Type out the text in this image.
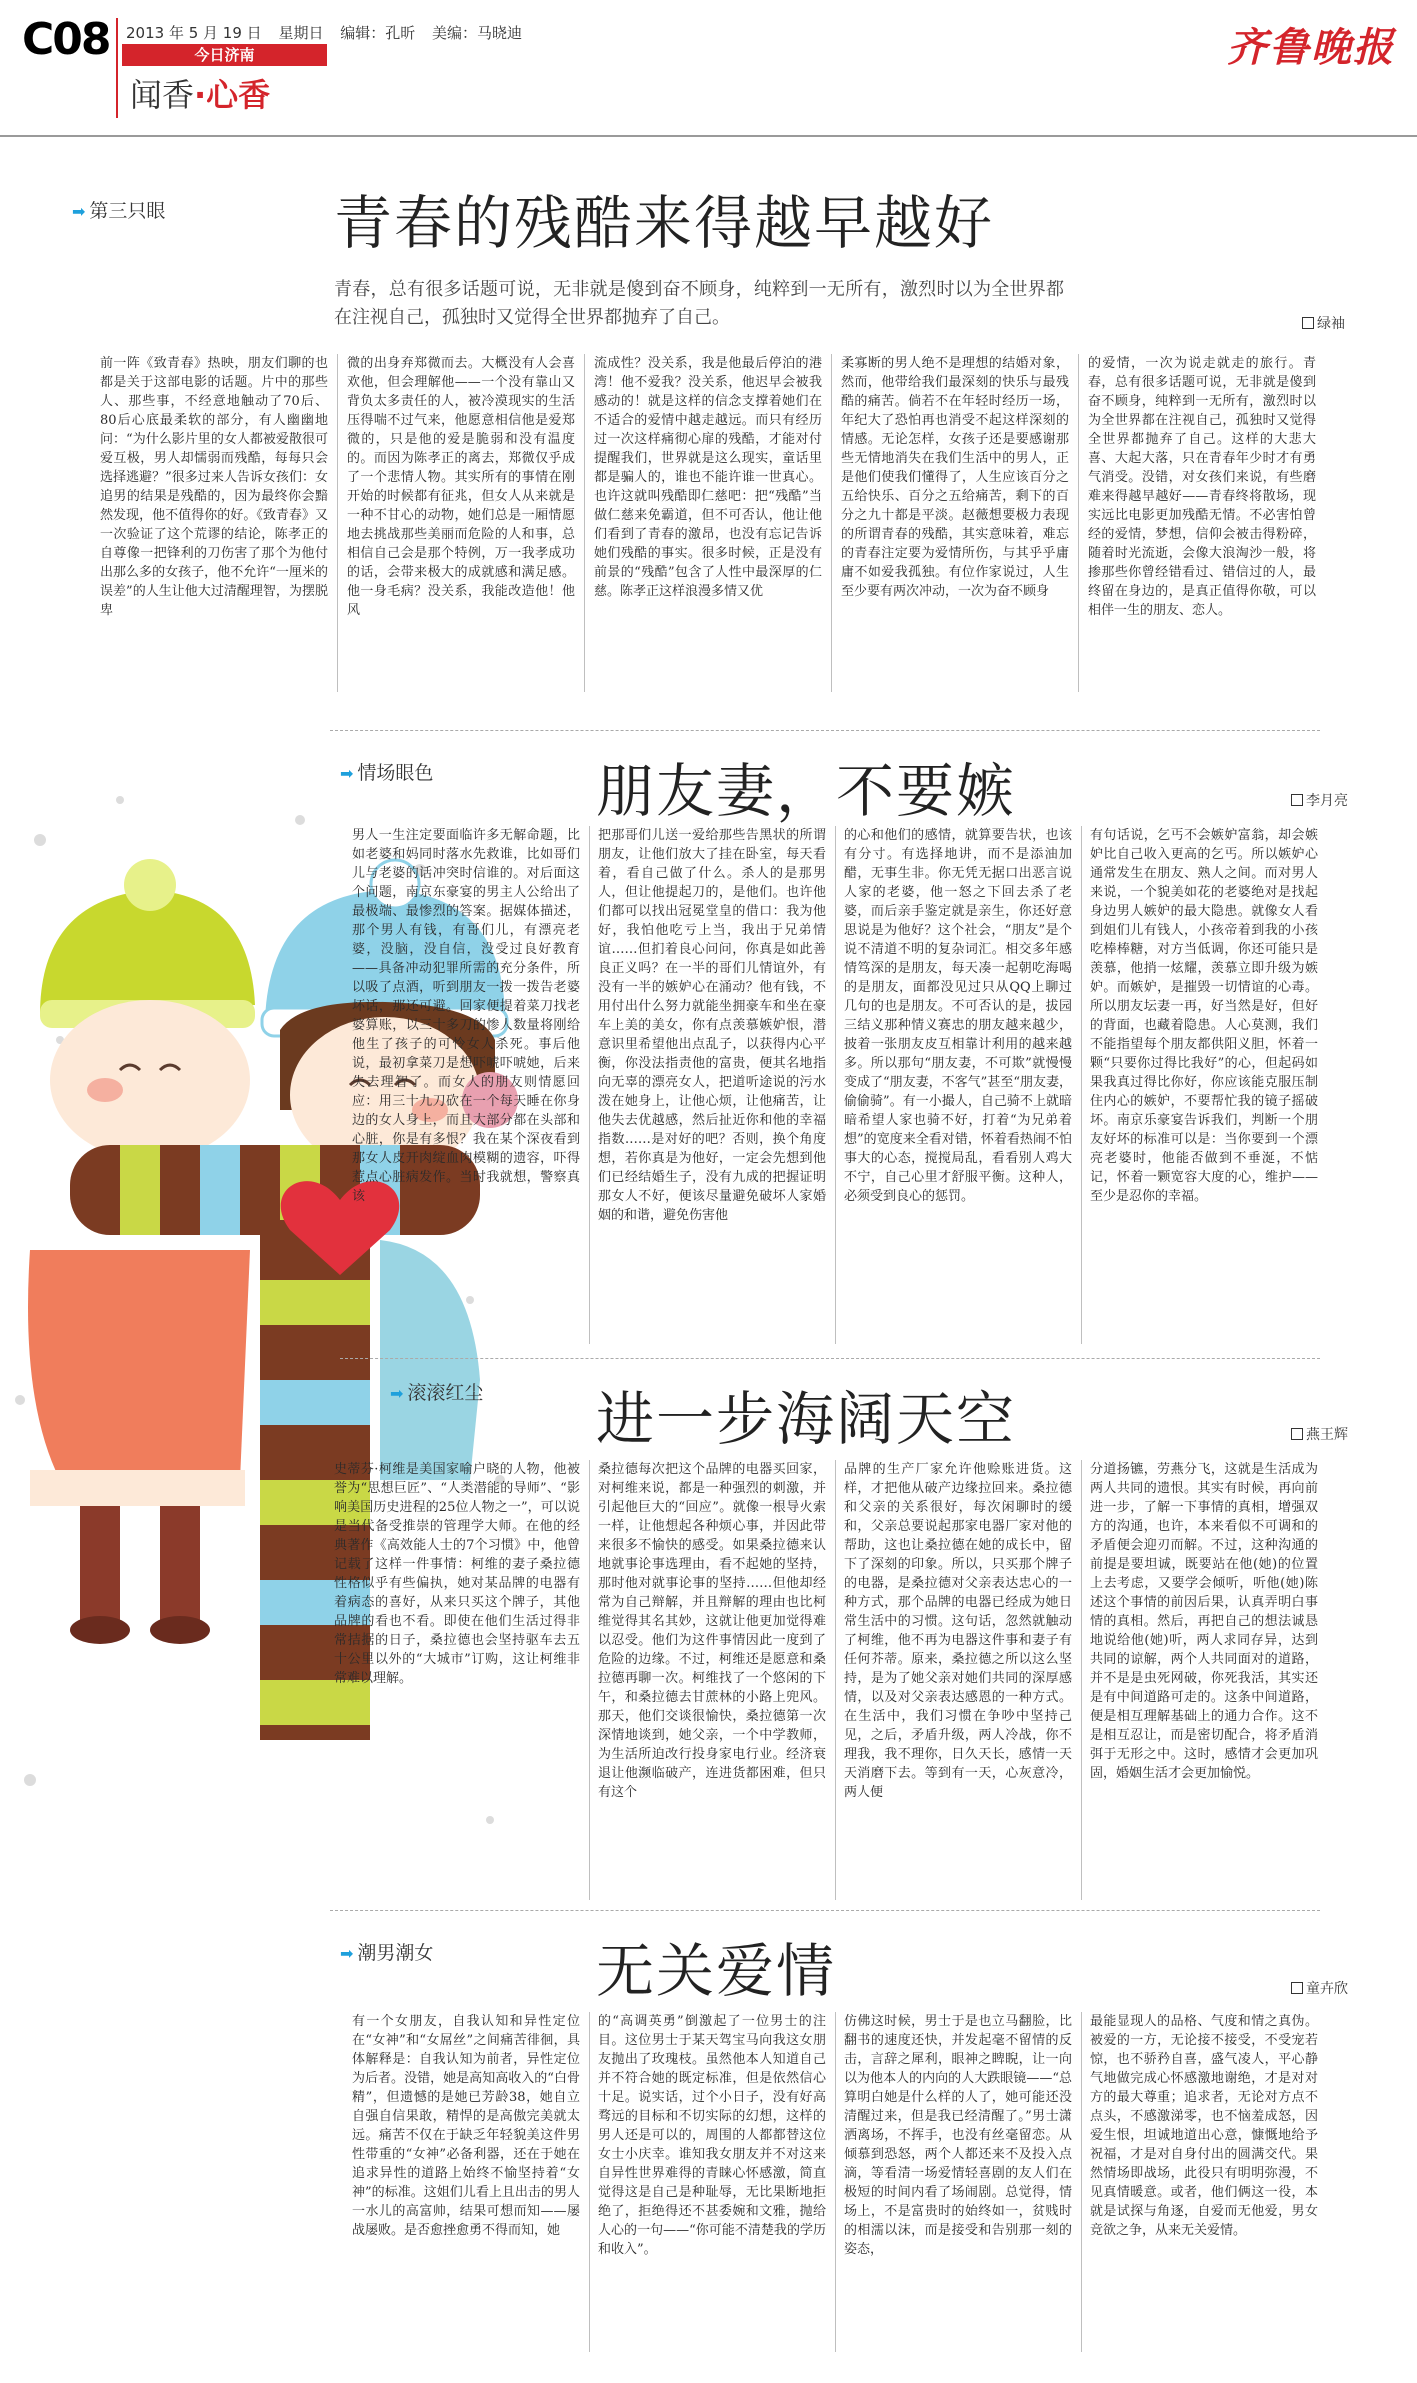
C08 2013 年 5 月 19 日 星期日 编辑：孔昕 美编：马晓迪
今日济南
闻香·心香
齐鲁晚报
➡ 第三只眼	青春的残酷来得越早越好
青春，总有很多话题可说，无非就是傻到奋不顾身，纯粹到一无所有，激烈时以为全世界都在注视自己，孤独时又觉得全世界都抛弃了自己。	绿袖
前一阵《致青春》热映，朋友们聊的也都是关于这部电影的话题。片中的那些人、那些事，不经意地触动了70后、80后心底最柔软的部分，有人幽幽地问：“为什么影片里的女人都被爱散很可爱互极，男人却懦弱而残酷，每每只会选择逃避？”很多过来人告诉女孩们：女追男的结果是残酷的，因为最终你会黯然发现，他不值得你的好。《致青春》又一次验证了这个荒谬的结论，陈孝正的自尊像一把锋利的刀伤害了那个为他付出那么多的女孩子，他不允许“一厘米的误差”的人生让他大过清醒理智，为摆脱卑
微的出身弃郑微而去。大概没有人会喜欢他，但会理解他——一个没有靠山又背负太多责任的人，被冷漠现实的生活压得喘不过气来，他愿意相信他是爱郑微的，只是他的爱是脆弱和没有温度的。而因为陈孝正的离去，郑微仅乎成了一个悲情人物。其实所有的事情在刚开始的时候都有征兆，但女人从来就是一种不甘心的动物，她们总是一厢情愿地去挑战那些美丽而危险的人和事，总相信自己会是那个特例，万一我孝成功的话，会带来极大的成就感和满足感。他一身毛病？没关系，我能改造他！他风
流成性？没关系，我是他最后停泊的港湾！他不爱我？没关系，他迟早会被我感动的！就是这样的信念支撑着她们在不适合的爱情中越走越远。而只有经历过一次这样痛彻心扉的残酷，才能对付提醒我们，世界就是这么现实，童话里都是骗人的，谁也不能许谁一世真心。也许这就叫残酷即仁慈吧：把“残酷”当做仁慈来免霸道，但不可否认，他让他们看到了青春的激昂，也没有忘记告诉她们残酷的事实。很多时候，正是没有前景的“残酷”包含了人性中最深厚的仁慈。陈孝正这样浪漫多情又优
柔寡断的男人绝不是理想的结婚对象，然而，他带给我们最深刻的快乐与最残酷的痛苦。倘若不在年轻时经历一场，年纪大了恐怕再也消受不起这样深刻的情感。无论怎样，女孩子还是要感谢那些无情地消失在我们生活中的男人，正是他们使我们懂得了，人生应该百分之五给快乐、百分之五给痛苦，剩下的百分之九十都是平淡。赵薇想要极力表现的所谓青春的残酷，其实意味着，难忘的青春注定要为爱情所伤，与其乎乎庸庸不如爱我孤独。有位作家说过，人生至少要有两次冲动，一次为奋不顾身
的爱情，一次为说走就走的旅行。青春，总有很多话题可说，无非就是傻到奋不顾身，纯粹到一无所有，激烈时以为全世界都在注视自己，孤独时又觉得全世界都抛弃了自己。这样的大悲大喜、大起大落，只在青春年少时才有勇气消受。没错，对女孩们来说，有些磨难来得越早越好——青春终将散场，现实远比电影更加残酷无情。不必害怕曾经的爱情，梦想，信仰会被击得粉碎，随着时光流逝，会像大浪淘沙一般，将掺那些你曾经错看过、错信过的人，最终留在身边的，是真正值得你敬，可以相伴一生的朋友、恋人。
➡ 情场眼色	朋友妻，不要嫉	李月亮
男人一生注定要面临许多无解命题，比如老婆和妈同时落水先救谁，比如哥们儿与老婆的话冲突时信谁的。对后面这个问题，南京东豪宴的男主人公给出了最极端、最惨烈的答案。据媒体描述，那个男人有钱，有哥们儿，有漂亮老婆，没脑，没自信，没受过良好教育——具备冲动犯罪所需的充分条件，所以吸了点酒，听到朋友一拨一拨告老婆坏话，那还可避。回家便提着菜刀找老婆算账，以三十多刀的惨人数量将刚给他生了孩子的可怜女人杀死。事后他说，最初拿菜刀是想吓唬吓唬她，后来失去理智了。而女人的朋友则情愿回应：用三十九刀砍在一个每天睡在你身边的女人身上，而且大部分都在头部和心脏，你是有多恨？我在某个深夜看到那女人皮开肉绽血肉模糊的遗容，吓得惹点心脏病发作。当时我就想，警察真该
把那哥们儿送一爱给那些告黑状的所谓朋友，让他们放大了挂在卧室，每天看着，看自己做了什么。杀人的是那男人，但让他提起刀的，是他们。也许他们都可以找出冠冕堂皇的借口：我为他好，我怕他吃亏上当，我出于兄弟情谊……但扪着良心问问，你真是如此善良正义吗？在一半的哥们儿情谊外，有没有一半的嫉妒心在涌动？他有钱，不用付出什么努力就能坐拥豪车和坐在豪车上美的美女，你有点羡慕嫉妒恨，潜意识里希望他出点乱子，以获得内心平衡，你没法指责他的富贵，便其名地指向无辜的漂亮女人，把道听途说的污水泼在她身上，让他心烦，让他痛苦，让他失去优越感，然后扯近你和他的幸福指数……是对好的吧？否则，换个角度想，若你真是为他好，一定会先想到他们已经结婚生子，没有九成的把握证明那女人不好，便该尽量避免破坏人家婚姻的和谐，避免伤害他
的心和他们的感情，就算要告状，也该有分寸。有选择地讲，而不是添油加醋，无事生非。你无凭无据口出恶言说人家的老婆，他一怒之下回去杀了老婆，而后亲手鉴定就是亲生，你还好意思说是为他好？这个社会，“朋友”是个说不清道不明的复杂词汇。相交多年感情笃深的是朋友，每天凑一起朝吃海喝的是朋友，面都没见过只从QQ上聊过几句的也是朋友。不可否认的是，拔园三结义那种情义赛忠的朋友越来越少，披着一张朋友皮互相靠计利用的越来越多。所以那句“朋友妻，不可欺”就慢慢变成了“朋友妻，不客气”甚至“朋友妻，偷偷骑”。有一小撮人，自己骑不上就暗暗希望人家也骑不好，打着“为兄弟着想”的宽度来全看对错，怀着看热闹不怕事大的心态，搅搅局乱，看看别人鸡大不宁，自己心里才舒服平衡。这种人，必须受到良心的惩罚。
有句话说，乞丐不会嫉妒富翁，却会嫉妒比自己收入更高的乞丐。所以嫉妒心通常发生在朋友、熟人之间。而对男人来说，一个貌美如花的老婆绝对是找起身边男人嫉妒的最大隐患。就像女人看到姐们儿有钱人，小孩帝着到我的小孩吃棒棒糖，对方当低调，你还可能只是羡慕，他捎一炫耀，羡慕立即升级为嫉妒。而嫉妒，是摧毁一切情谊的心毒。所以朋友坛妻一再，好当然是好，但好的背面，也藏着隐患。人心莫测，我们不能指望每个朋友都供阳义胆，怀着一颗“只要你过得比我好”的心，但起码如果我真过得比你好，你应该能克服压制住内心的嫉妒，不要帮忙我的镜子摇破坏。南京乐豪宴告诉我们，判断一个朋友好坏的标准可以是：当你要到一个漂亮老婆时，他能否做到不垂涎，不惦记，怀着一颗宽容大度的心，维护——至少是忍你的幸福。
➡ 滚滚红尘 进一步海阔天空	燕王辉
史蒂芬·柯维是美国家喻户晓的人物，他被誉为“思想巨匠”、“人类潜能的导师”、“影响美国历史进程的25位人物之一”，可以说是当代备受推崇的管理学大师。在他的经典著作《高效能人士的7个习惯》中，他曾记载了这样一件事情：柯维的妻子桑拉德性格似乎有些偏执，她对某品牌的电器有着病态的喜好，从来只买这个牌子，其他品牌的看也不看。即使在他们生活过得非常拮据的日子，桑拉德也会坚持驱车去五十公里以外的“大城市”订购，这让柯维非常难以理解。
桑拉德每次把这个品牌的电器买回家，对柯维来说，都是一种强烈的刺激，并引起他巨大的“回应”。就像一根导火索一样，让他想起各种烦心事，并因此带来很多不愉快的感受。如果桑拉德来认地就事论事选理由，看不起她的坚持，那时他对就事论事的坚持……但他却经常为自己辩解，并且辩解的理由也比柯维觉得其名其妙，这就让他更加觉得难以忍受。他们为这件事情因此一度到了危险的边缘。不过，柯维还是愿意和桑拉德再聊一次。柯维找了一个悠闲的下午，和桑拉德去甘蔗林的小路上兜风。那天，他们交谈很愉快，桑拉德第一次深情地谈到，她父亲，一个中学教师，为生活所迫改行投身家电行业。经济衰退让他濒临破产，连进货都困难，但只有这个
品牌的生产厂家允许他赊账进货。这样，才把他从破产边缘拉回来。桑拉德和父亲的关系很好，每次闲聊时的缓和，父亲总要说起那家电器厂家对他的帮助，这也让桑拉德在她的成长中，留下了深刻的印象。所以，只买那个牌子的电器，是桑拉德对父亲表达忠心的一种方式，那个品牌的电器已经成为她日常生活中的习惯。这句话，忽然就触动了柯维，他不再为电器这件事和妻子有任何芥蒂。原来，桑拉德之所以这么坚持，是为了她父亲对她们共同的深厚感情，以及对父亲表达感恩的一种方式。在生活中，我们习惯在争吵中坚持己见，之后，矛盾升级，两人冷战，你不理我，我不理你，日久天长，感情一天天消磨下去。等到有一天，心灰意冷，两人便
分道扬镳，劳燕分飞，这就是生活成为两人共同的遗恨。其实有时候，再向前进一步，了解一下事情的真相，增强双方的沟通，也许，本来看似不可调和的矛盾便会迎刃而解。不过，这种沟通的前提是要坦诚，既要站在他(她)的位置上去考虑，又要学会倾听，听他(她)陈述这个事情的前因后果，认真弄明白事情的真相。然后，再把自己的想法诚恳地说给他(她)听，两人求同存异，达到共同的谅解，两个人共同面对的道路，并不是是虫死网破，你死我活，其实还是有中间道路可走的。这条中间道路，便是相互理解基础上的通力合作。这不是相互忍让，而是密切配合，将矛盾消弭于无形之中。这时，感情才会更加巩固，婚姻生活才会更加愉悦。
➡ 潮男潮女	无关爱情	童卉欣
有一个女朋友，自我认知和异性定位在“女神”和“女屌丝”之间痛苦徘徊，具体解释是：自我认知为前者，异性定位为后者。没错，她是高知高收入的“白骨精”，但遗憾的是她已芳龄38，她自立自强自信果敢，精悍的是高傲完美就太远。痛苦不仅在于缺乏年轻貌美这件男性带重的“女神”必备利器，还在于她在追求异性的道路上始终不愉坚持着“女神”的标准。这姐们儿看上且出击的男人一水儿的高富帅，结果可想而知——屡战屡败。是否愈挫愈勇不得而知，她
的“高调英勇”倒激起了一位男士的注目。这位男士于某天驾宝马向我这女朋友抛出了玫瑰枝。虽然他本人知道自己并不符合她的既定标准，但是依然信心十足。说实话，过个小日子，没有好高骛远的目标和不切实际的幻想，这样的男人还是可以的，周围的人都都替这位女士小庆幸。谁知我女朋友并不对这来自异性世界难得的青睐心怀感激，简直觉得这是自己是种耻辱，无比果断地拒绝了，拒绝得还不甚委婉和文雅，抛给人心的一句——“你可能不清楚我的学历和收入”。
仿佛这时候，男士于是也立马翻脸，比翻书的速度还快，并发起毫不留情的反击，言辞之犀利，眼神之睥睨，让一向以为他本人的内向的人大跌眼镜——“总算明白她是什么样的人了，她可能还没清醒过来，但是我已经清醒了。”男士潇洒离场，不挥手，也没有丝毫留恋。从倾慕到恐怒，两个人都还来不及投入点滴，等看清一场爱情轻喜剧的友人们在极短的时间内看了场闹剧。总觉得，情场上，不是富贵时的始终如一，贫贱时的相濡以沫，而是接受和告别那一刻的姿态，
最能显现人的品格、气度和情之真伪。被爱的一方，无论接不接受，不受宠若惊，也不骄矜自喜，盛气凌人，平心静气地做完成心怀感激地谢绝，才是对对方的最大尊重；追求者，无论对方点不点头，不感激涕零，也不恼羞成怒，因爱生恨，坦诚地道出心意，慷慨地给予祝福，才是对自身付出的圆满交代。果然情场即战场，此役只有明明弥漫，不见真情暖意。或者，他们俩这一役，本就是试探与角逐，自爱而无他爱，男女竞欲之争，从来无关爱情。
